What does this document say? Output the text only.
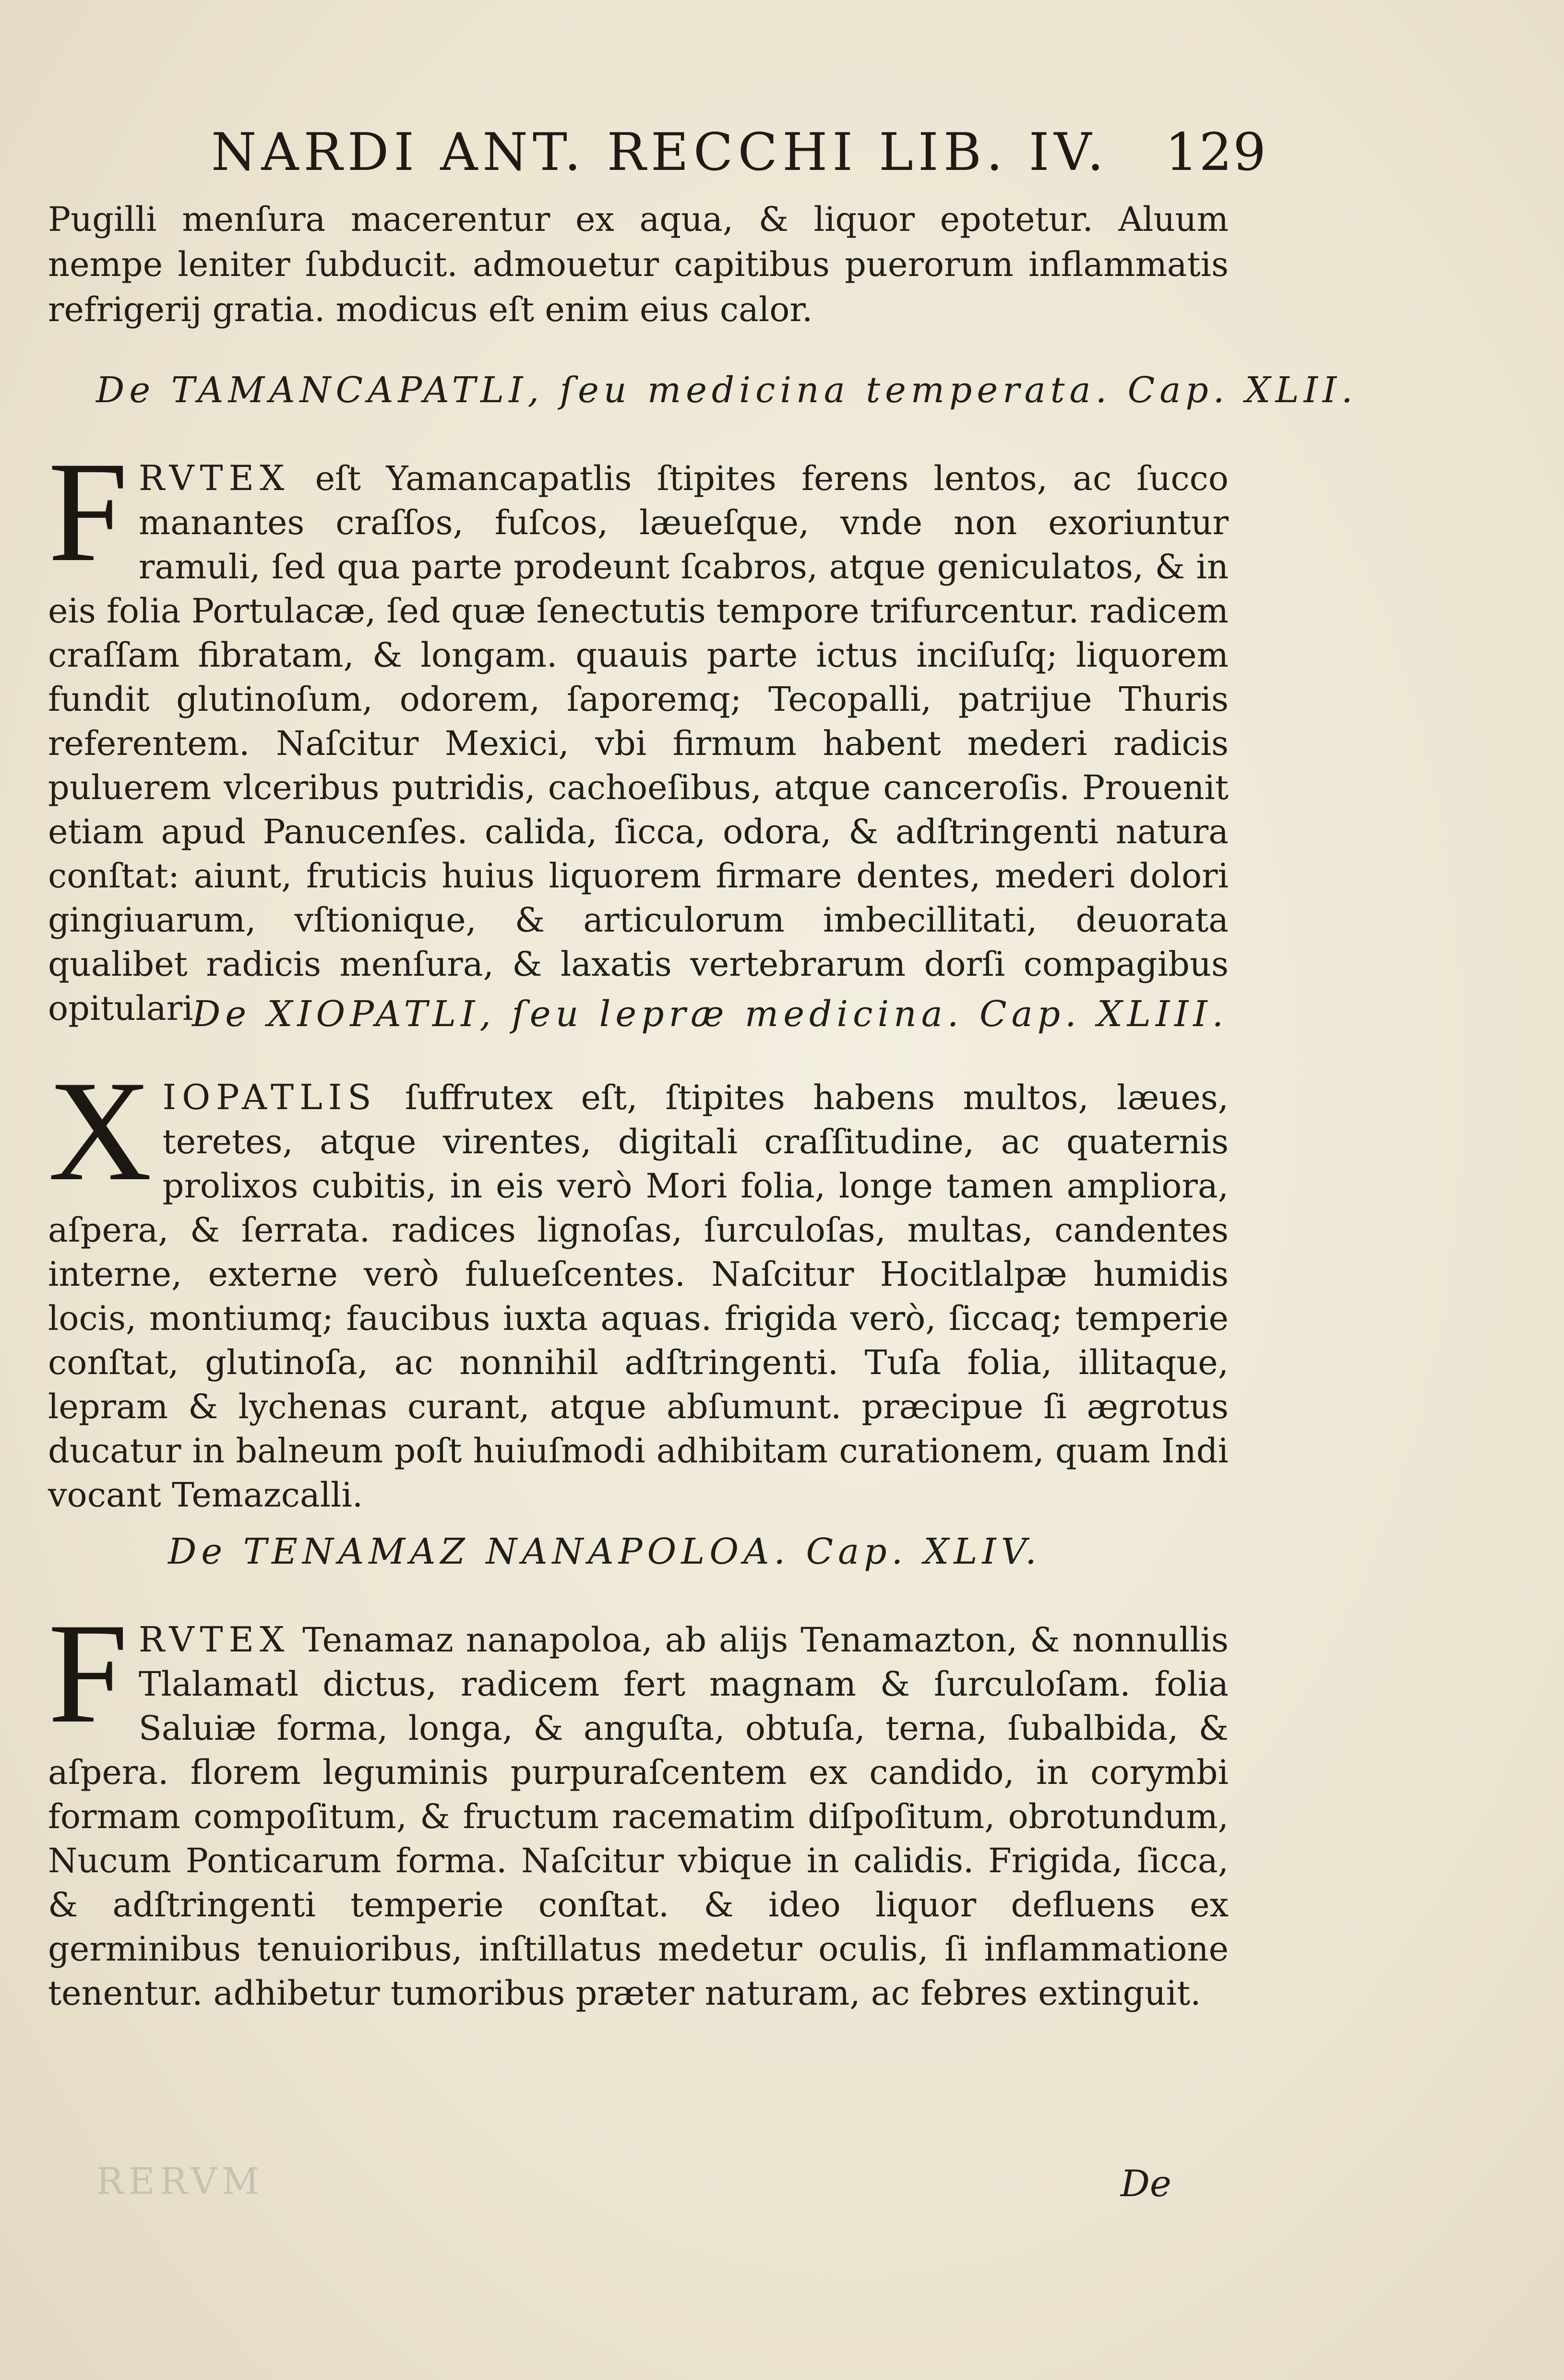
NARDI ANT. RECCHI LIB. IV. 129

Pugilli menſura macerentur ex aqua, & liquor epotetur. Aluum nempe leniter ſubducit. admouetur capitibus puerorum inflammatis refrigerij gratia. modicus eſt enim eius calor.

De TAMANCAPATLI, ſeu medicina temperata. Cap. XLII.
F RVTEX eſt Yamancapatlis ſtipites ferens lentos, ac ſucco manantes craſſos, fuſcos, læueſque, vnde non exoriuntur ramuli, ſed qua parte prodeunt ſcabros, atque geniculatos, & in eis folia Portulacæ, ſed quæ ſenectutis tempore trifurcentur. radicem craſſam fibratam, & longam. quauis parte ictus inciſuſq; liquorem fundit glutinoſum, odorem, ſaporemq; Tecopalli, patrijue Thuris referentem. Naſcitur Mexici, vbi firmum habent mederi radicis puluerem vlceribus putridis, cachoeſibus, atque canceroſis. Prouenit etiam apud Panucenſes. calida, ſicca, odora, & adſtringenti natura conſtat: aiunt, fruticis huius liquorem firmare dentes, mederi dolori gingiuarum, vſtionique, & articulorum imbecillitati, deuorata qualibet radicis menſura, & laxatis vertebrarum dorſi compagibus opitulari.
De XIOPATLI, ſeu lepræ medicina. Cap. XLIII.
X IOPATLIS ſuffrutex eſt, ſtipites habens multos, læues, teretes, atque virentes, digitali craſſitudine, ac quaternis prolixos cubitis, in eis verò Mori folia, longe tamen ampliora, aſpera, & ſerrata. radices lignoſas, ſurculoſas, multas, candentes interne, externe verò fulueſcentes. Naſcitur Hocitlalpæ humidis locis, montiumq; faucibus iuxta aquas. frigida verò, ſiccaq; temperie conſtat, glutinoſa, ac nonnihil adſtringenti. Tuſa folia, illitaque, lepram & lychenas curant, atque abſumunt. præcipue ſi ægrotus ducatur in balneum poſt huiuſmodi adhibitam curationem, quam Indi vocant Temazcalli.
De TENAMAZ NANAPOLOA. Cap. XLIV.
F RVTEX Tenamaz nanapoloa, ab alijs Tenamazton, & nonnullis Tlalamatl dictus, radicem fert magnam & ſurculoſam. folia Saluiæ forma, longa, & anguſta, obtuſa, terna, ſubalbida, & aſpera. florem leguminis purpuraſcentem ex candido, in corymbi formam compoſitum, & fructum racematim diſpoſitum, obrotundum, Nucum Ponticarum forma. Naſcitur vbique in calidis. Frigida, ſicca, & adſtringenti temperie conſtat. & ideo liquor defluens ex germinibus tenuioribus, inſtillatus medetur oculis, ſi inflammatione tenentur. adhibetur tumoribus præter naturam, ac febres extinguit.
RERVM	De
